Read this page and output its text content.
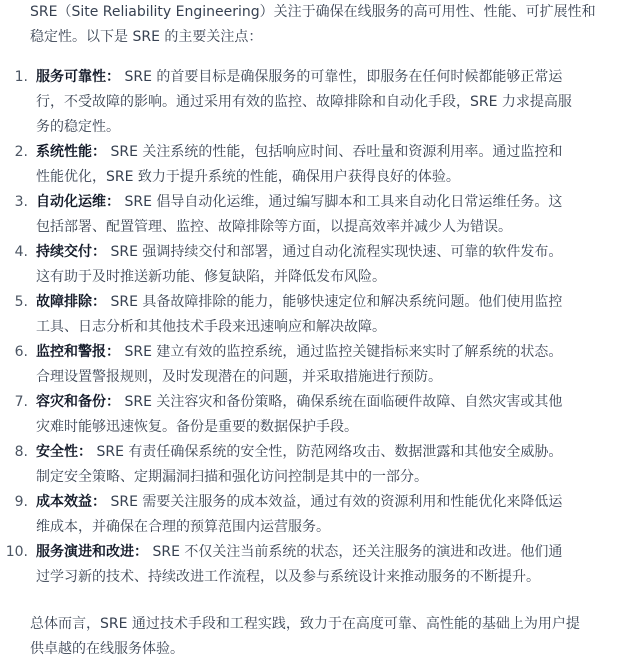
SRE（Site Reliability Engineering）关注于确保在线服务的高可用性、性能、可扩展性和稳定性。以下是 SRE 的主要关注点：
1. 服务可靠性： SRE 的首要目标是确保服务的可靠性，即服务在任何时候都能够正常运行，不受故障的影响。通过采用有效的监控、故障排除和自动化手段，SRE 力求提高服务的稳定性。
2. 系统性能： SRE 关注系统的性能，包括响应时间、吞吐量和资源利用率。通过监控和性能优化，SRE 致力于提升系统的性能，确保用户获得良好的体验。
3. 自动化运维： SRE 倡导自动化运维，通过编写脚本和工具来自动化日常运维任务。这包括部署、配置管理、监控、故障排除等方面，以提高效率并减少人为错误。
4. 持续交付： SRE 强调持续交付和部署，通过自动化流程实现快速、可靠的软件发布。这有助于及时推送新功能、修复缺陷，并降低发布风险。
5. 故障排除： SRE 具备故障排除的能力，能够快速定位和解决系统问题。他们使用监控工具、日志分析和其他技术手段来迅速响应和解决故障。
6. 监控和警报： SRE 建立有效的监控系统，通过监控关键指标来实时了解系统的状态。合理设置警报规则，及时发现潜在的问题，并采取措施进行预防。
7. 容灾和备份： SRE 关注容灾和备份策略，确保系统在面临硬件故障、自然灾害或其他灾难时能够迅速恢复。备份是重要的数据保护手段。
8. 安全性： SRE 有责任确保系统的安全性，防范网络攻击、数据泄露和其他安全威胁。制定安全策略、定期漏洞扫描和强化访问控制是其中的一部分。
9. 成本效益： SRE 需要关注服务的成本效益，通过有效的资源利用和性能优化来降低运维成本，并确保在合理的预算范围内运营服务。
10. 服务演进和改进： SRE 不仅关注当前系统的状态，还关注服务的演进和改进。他们通过学习新的技术、持续改进工作流程，以及参与系统设计来推动服务的不断提升。
总体而言，SRE 通过技术手段和工程实践，致力于在高度可靠、高性能的基础上为用户提供卓越的在线服务体验。
